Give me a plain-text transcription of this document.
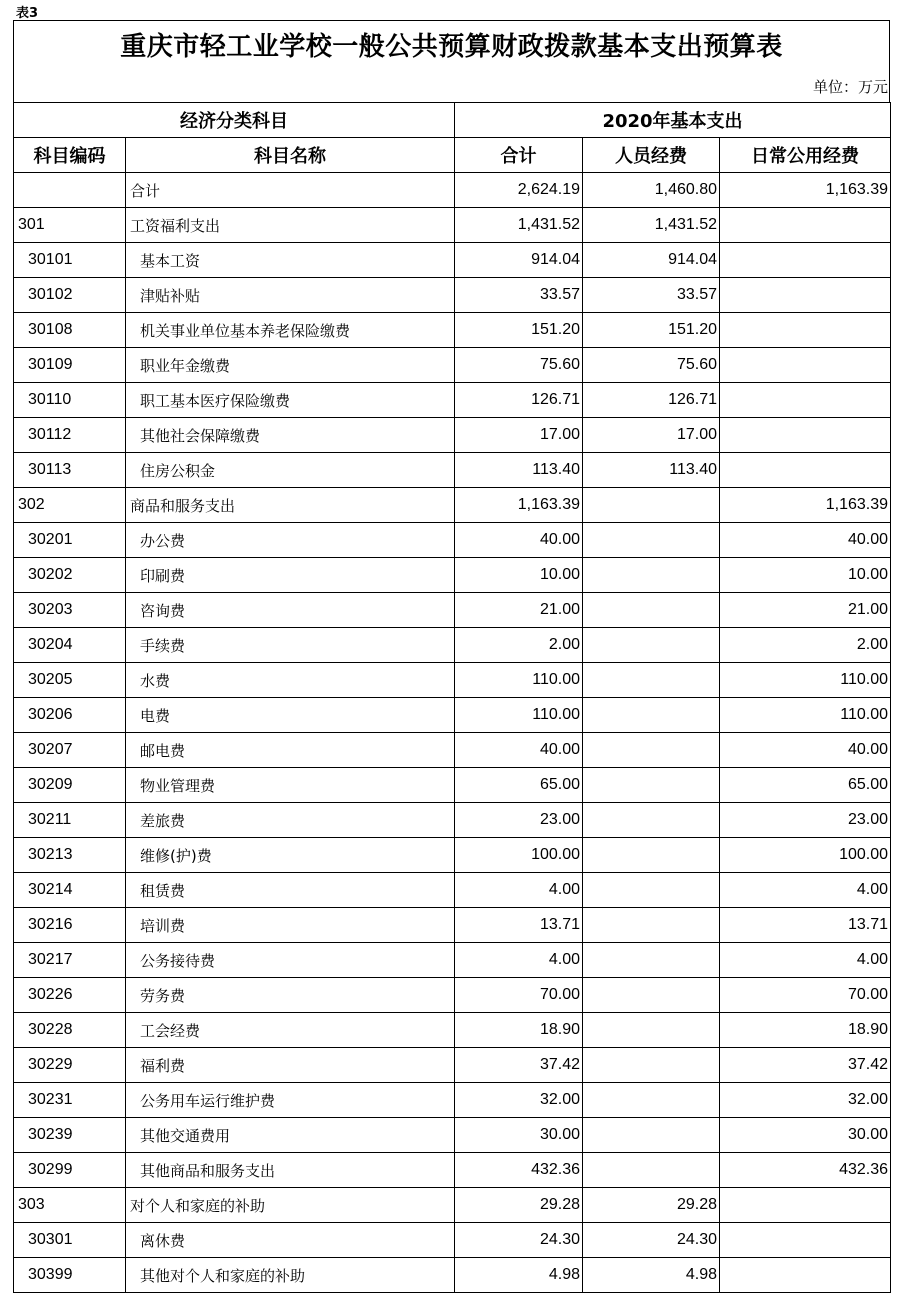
表3
重庆市轻工业学校一般公共预算财政拨款基本支出预算表
单位：万元
经济分类科目		2020年基本支出		
科目编码	科目名称	合计	人员经费	日常公用经费
	合计	2,624.19	1,460.80	1,163.39
301	工资福利支出	1,431.52	1,431.52	
30101	基本工资	914.04	914.04	
30102	津贴补贴	33.57	33.57	
30108	机关事业单位基本养老保险缴费	151.20	151.20	
30109	职业年金缴费	75.60	75.60	
30110	职工基本医疗保险缴费	126.71	126.71	
30112	其他社会保障缴费	17.00	17.00	
30113	住房公积金	113.40	113.40	
302	商品和服务支出	1,163.39		1,163.39
30201	办公费	40.00		40.00
30202	印刷费	10.00		10.00
30203	咨询费	21.00		21.00
30204	手续费	2.00		2.00
30205	水费	110.00		110.00
30206	电费	110.00		110.00
30207	邮电费	40.00		40.00
30209	物业管理费	65.00		65.00
30211	差旅费	23.00		23.00
30213	维修(护)费	100.00		100.00
30214	租赁费	4.00		4.00
30216	培训费	13.71		13.71
30217	公务接待费	4.00		4.00
30226	劳务费	70.00		70.00
30228	工会经费	18.90		18.90
30229	福利费	37.42		37.42
30231	公务用车运行维护费	32.00		32.00
30239	其他交通费用	30.00		30.00
30299	其他商品和服务支出	432.36		432.36
303	对个人和家庭的补助	29.28	29.28	
30301	离休费	24.30	24.30	
30399	其他对个人和家庭的补助	4.98	4.98	
